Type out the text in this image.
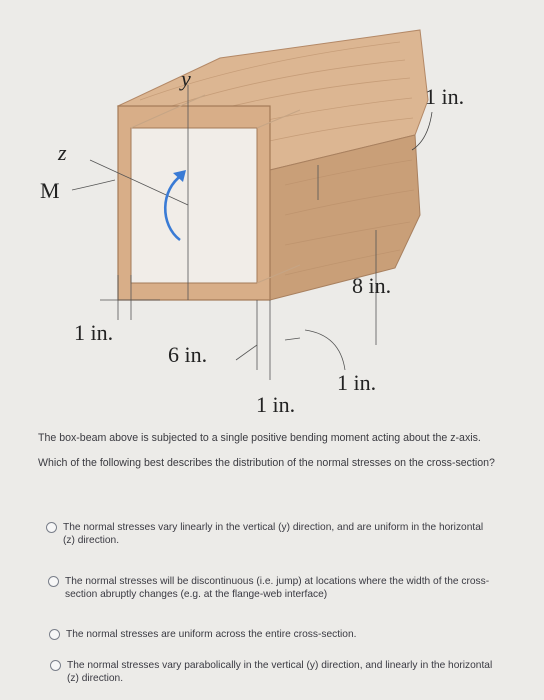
y
z
M
1 in.
1 in.
6 in.
1 in.
1 in.
8 in.

The box-beam above is subjected to a single positive bending moment acting about the z-axis.

Which of the following best describes the distribution of the normal stresses on the cross-section?

The normal stresses vary linearly in the vertical (y) direction, and are uniform in the horizontal (z) direction.
The normal stresses will be discontinuous (i.e. jump) at locations where the width of the cross-section abruptly changes (e.g. at the flange-web interface)
The normal stresses are uniform across the entire cross-section.
The normal stresses vary parabolically in the vertical (y) direction, and linearly in the horizontal (z) direction.
